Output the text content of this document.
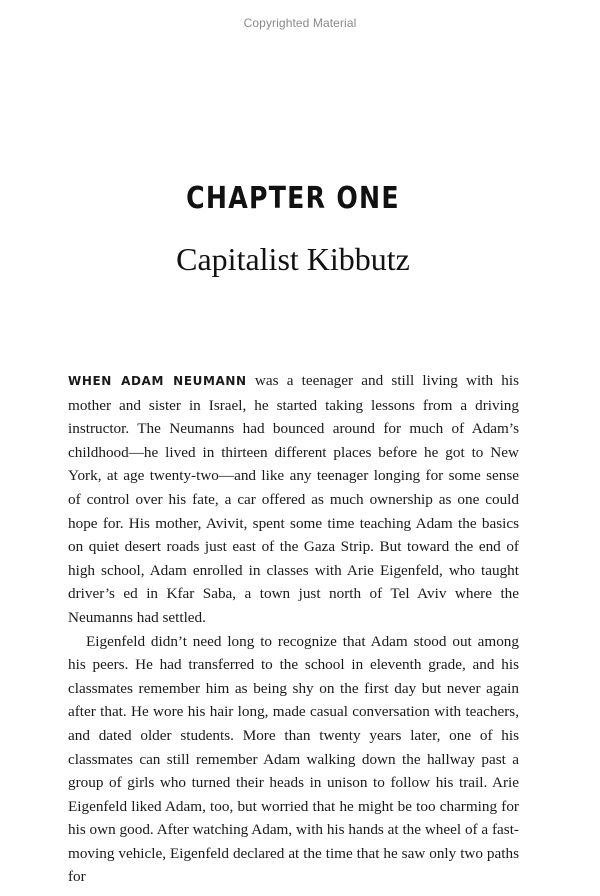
Copyrighted Material
CHAPTER ONE
Capitalist Kibbutz

WHEN ADAM NEUMANN was a teenager and still living with his mother and sister in Israel, he started taking lessons from a driving instructor. The Neumanns had bounced around for much of Adam’s childhood—he lived in thirteen different places before he got to New York, at age twenty-two—and like any teenager longing for some sense of control over his fate, a car offered as much ownership as one could hope for. His mother, Avivit, spent some time teaching Adam the basics on quiet desert roads just east of the Gaza Strip. But toward the end of high school, Adam enrolled in classes with Arie Eigenfeld, who taught driver’s ed in Kfar Saba, a town just north of Tel Aviv where the Neumanns had settled.

Eigenfeld didn’t need long to recognize that Adam stood out among his peers. He had transferred to the school in eleventh grade, and his classmates remember him as being shy on the first day but never again after that. He wore his hair long, made casual conversation with teachers, and dated older students. More than twenty years later, one of his classmates can still remember Adam walking down the hallway past a group of girls who turned their heads in unison to follow his trail. Arie Eigenfeld liked Adam, too, but worried that he might be too charming for his own good. After watching Adam, with his hands at the wheel of a fast-moving vehicle, Eigenfeld declared at the time that he saw only two paths for
